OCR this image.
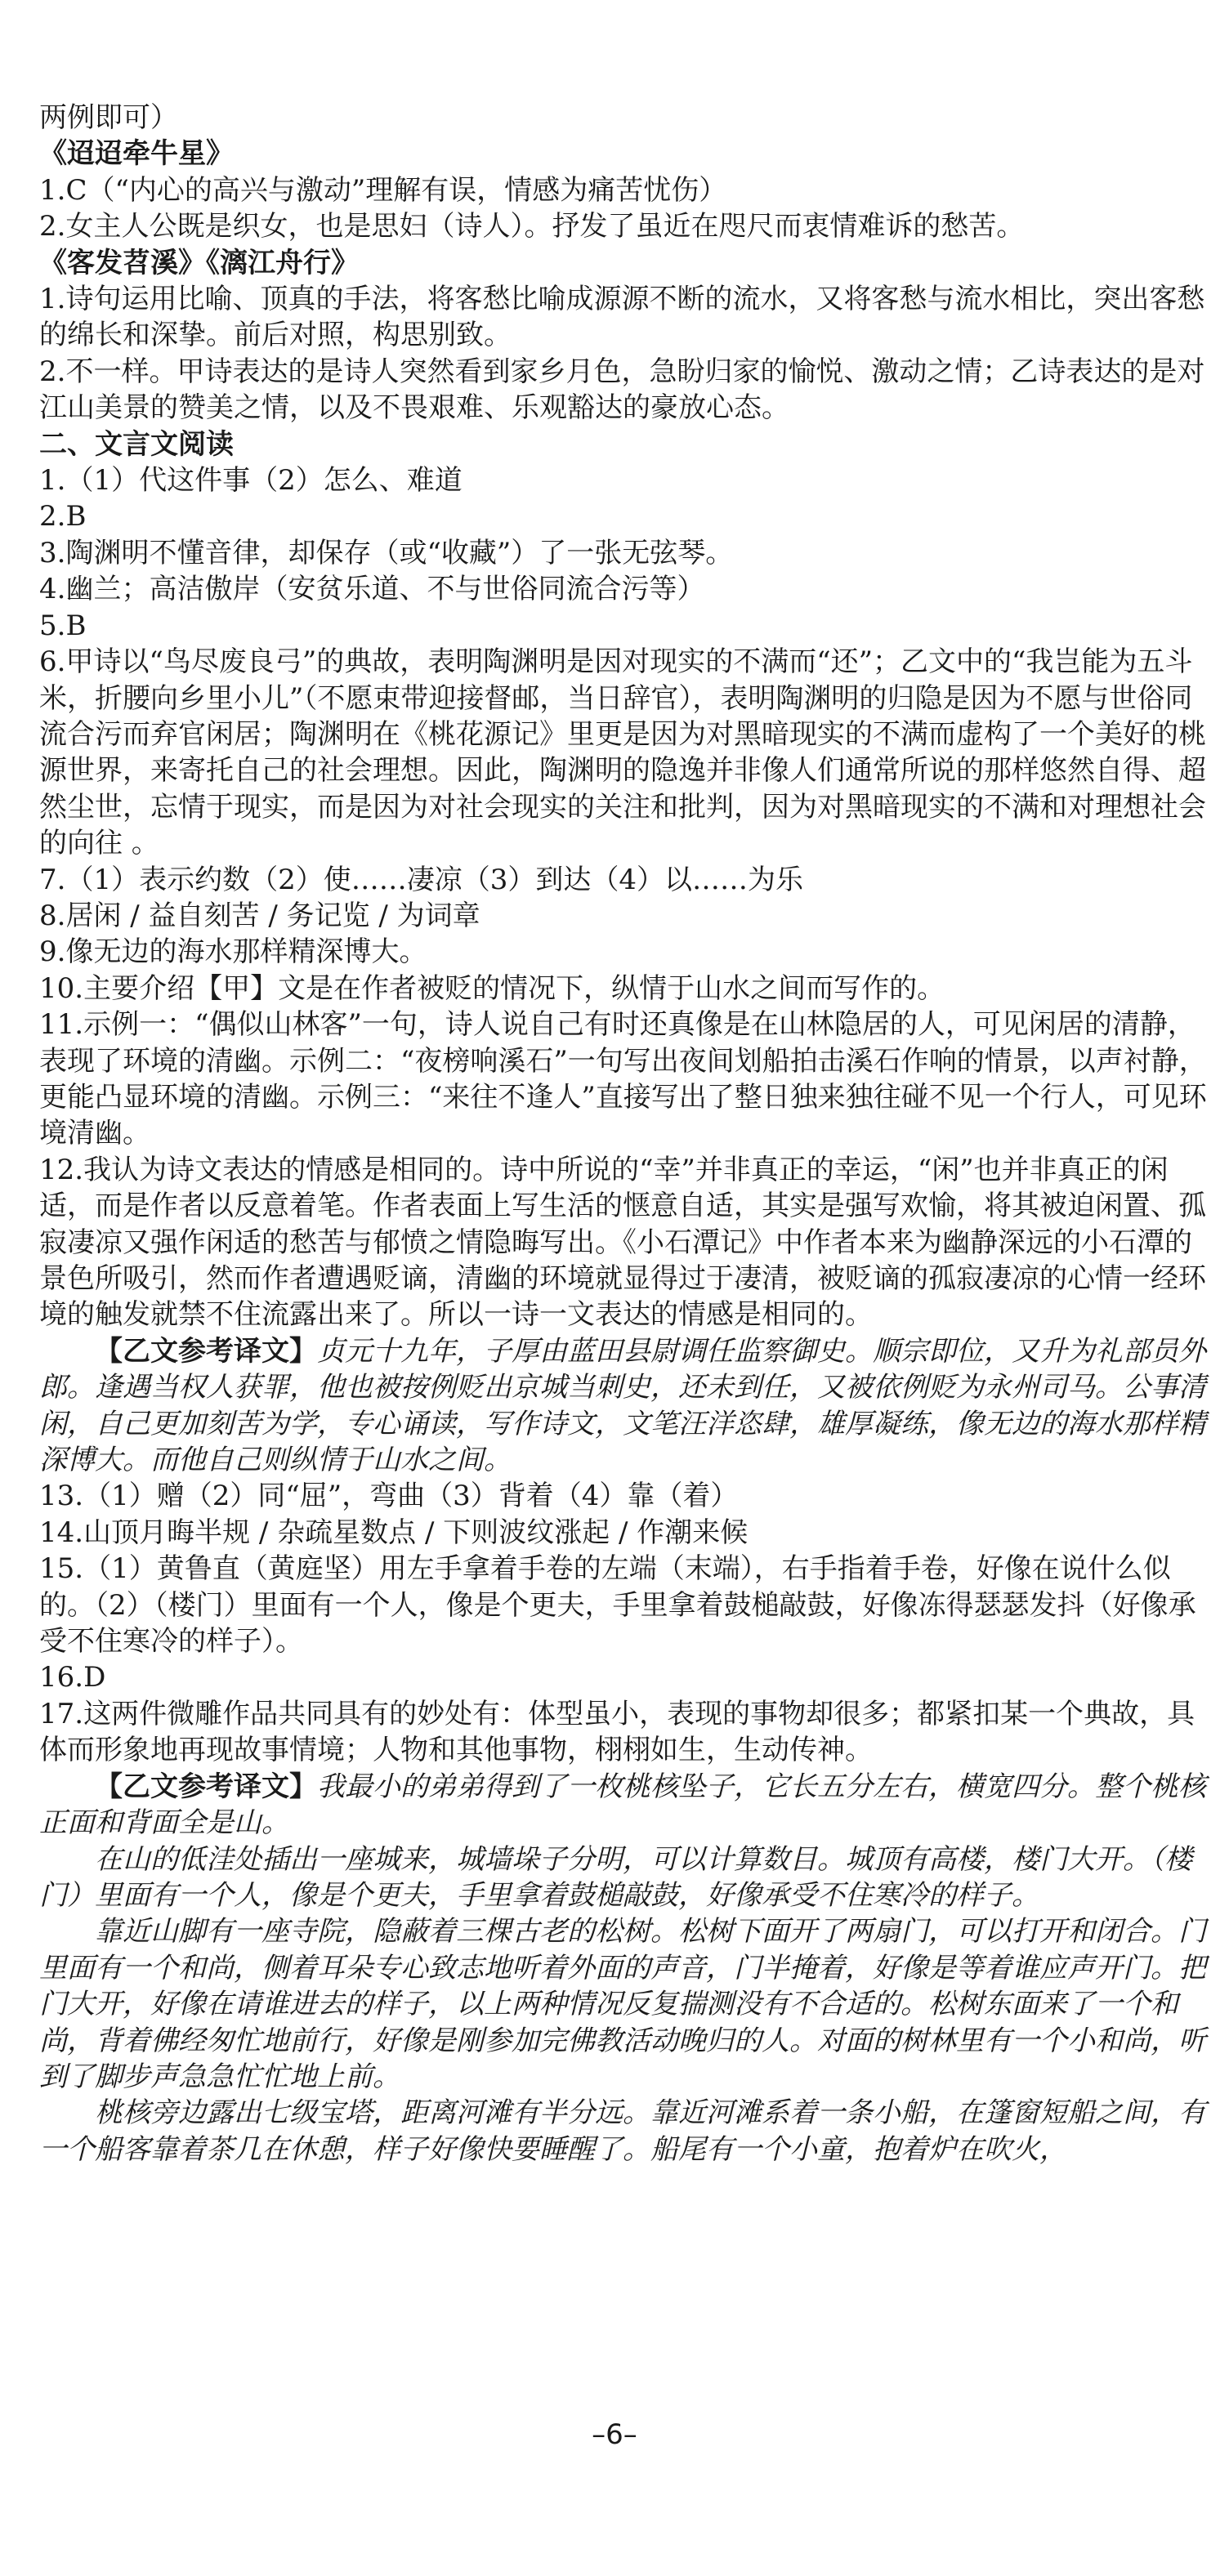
两例即可）

《迢迢牵牛星》

1.C（“内心的高兴与激动”理解有误，情感为痛苦忧伤）

2.女主人公既是织女，也是思妇（诗人）。抒发了虽近在咫尺而衷情难诉的愁苦。

《客发苕溪》《漓江舟行》

1.诗句运用比喻、顶真的手法，将客愁比喻成源源不断的流水，又将客愁与流水相比，突出客愁的绵长和深挚。前后对照，构思别致。

2.不一样。甲诗表达的是诗人突然看到家乡月色，急盼归家的愉悦、激动之情；乙诗表达的是对江山美景的赞美之情，以及不畏艰难、乐观豁达的豪放心态。

二、文言文阅读

1.（1）代这件事（2）怎么、难道

2.B

3.陶渊明不懂音律，却保存（或“收藏”）了一张无弦琴。

4.幽兰；高洁傲岸（安贫乐道、不与世俗同流合污等）

5.B

6.甲诗以“鸟尽废良弓”的典故，表明陶渊明是因对现实的不满而“还”；乙文中的“我岂能为五斗米，折腰向乡里小儿”（不愿束带迎接督邮，当日辞官），表明陶渊明的归隐是因为不愿与世俗同流合污而弃官闲居；陶渊明在《桃花源记》里更是因为对黑暗现实的不满而虚构了一个美好的桃源世界，来寄托自己的社会理想。因此，陶渊明的隐逸并非像人们通常所说的那样悠然自得、超然尘世，忘情于现实，而是因为对社会现实的关注和批判，因为对黑暗现实的不满和对理想社会的向往 。

7.（1）表示约数（2）使……凄凉（3）到达（4）以……为乐

8.居闲 / 益自刻苦 / 务记览 / 为词章

9.像无边的海水那样精深博大。

10.主要介绍【甲】文是在作者被贬的情况下，纵情于山水之间而写作的。

11.示例一：“偶似山林客”一句，诗人说自己有时还真像是在山林隐居的人，可见闲居的清静，表现了环境的清幽。示例二：“夜榜响溪石”一句写出夜间划船拍击溪石作响的情景，以声衬静，更能凸显环境的清幽。示例三：“来往不逢人”直接写出了整日独来独往碰不见一个行人，可见环境清幽。

12.我认为诗文表达的情感是相同的。诗中所说的“幸”并非真正的幸运，“闲”也并非真正的闲适，而是作者以反意着笔。作者表面上写生活的惬意自适，其实是强写欢愉，将其被迫闲置、孤寂凄凉又强作闲适的愁苦与郁愤之情隐晦写出。《小石潭记》中作者本来为幽静深远的小石潭的景色所吸引，然而作者遭遇贬谪，清幽的环境就显得过于凄清，被贬谪的孤寂凄凉的心情一经环境的触发就禁不住流露出来了。所以一诗一文表达的情感是相同的。

【乙文参考译文】贞元十九年，子厚由蓝田县尉调任监察御史。顺宗即位，又升为礼部员外郎。逢遇当权人获罪，他也被按例贬出京城当刺史，还未到任，又被依例贬为永州司马。公事清闲，自己更加刻苦为学，专心诵读，写作诗文，文笔汪洋恣肆，雄厚凝练，像无边的海水那样精深博大。而他自己则纵情于山水之间。

13.（1）赠（2）同“屈”，弯曲（3）背着（4）靠（着）

14.山顶月晦半规 / 杂疏星数点 / 下则波纹涨起 / 作潮来候

15.（1）黄鲁直（黄庭坚）用左手拿着手卷的左端（末端），右手指着手卷，好像在说什么似的。（2）（楼门）里面有一个人，像是个更夫，手里拿着鼓槌敲鼓，好像冻得瑟瑟发抖（好像承受不住寒冷的样子）。

16.D

17.这两件微雕作品共同具有的妙处有：体型虽小，表现的事物却很多；都紧扣某一个典故，具体而形象地再现故事情境；人物和其他事物，栩栩如生，生动传神。

【乙文参考译文】我最小的弟弟得到了一枚桃核坠子，它长五分左右，横宽四分。整个桃核正面和背面全是山。

在山的低洼处插出一座城来，城墙垛子分明，可以计算数目。城顶有高楼，楼门大开。（楼门）里面有一个人，像是个更夫，手里拿着鼓槌敲鼓，好像承受不住寒冷的样子。

靠近山脚有一座寺院，隐蔽着三棵古老的松树。松树下面开了两扇门，可以打开和闭合。门里面有一个和尚，侧着耳朵专心致志地听着外面的声音，门半掩着，好像是等着谁应声开门。把门大开，好像在请谁进去的样子，以上两种情况反复揣测没有不合适的。松树东面来了一个和尚，背着佛经匆忙地前行，好像是刚参加完佛教活动晚归的人。对面的树林里有一个小和尚，听到了脚步声急急忙忙地上前。

桃核旁边露出七级宝塔，距离河滩有半分远。靠近河滩系着一条小船，在篷窗短船之间，有一个船客靠着茶几在休憩，样子好像快要睡醒了。船尾有一个小童，抱着炉在吹火，

–6–
